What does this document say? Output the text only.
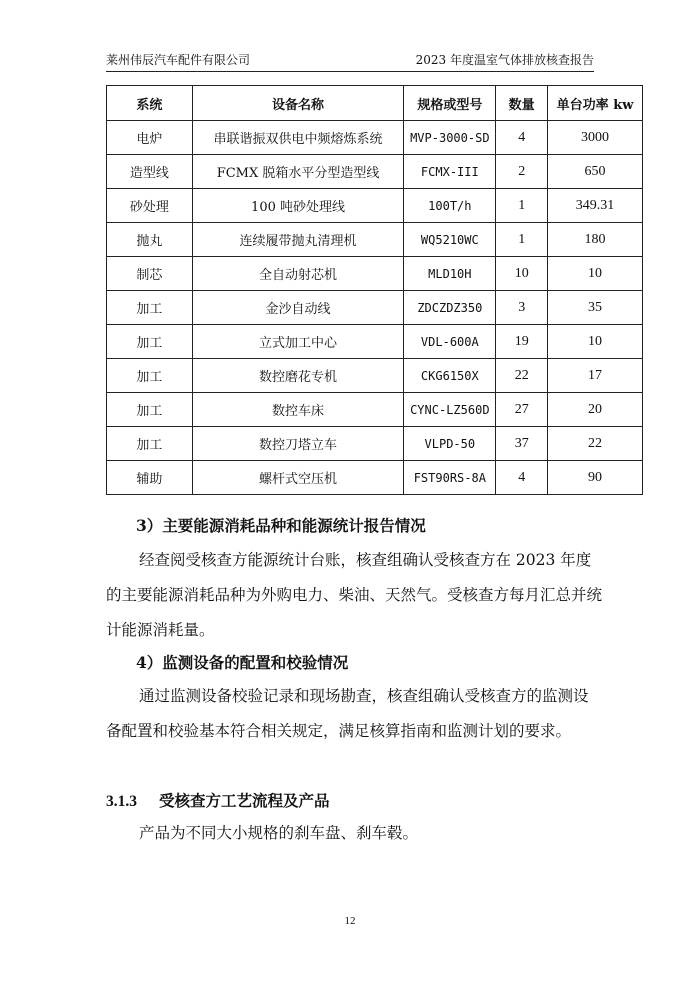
莱州伟辰汽车配件有限公司	2023 年度温室气体排放核查报告
系统	设备名称	规格或型号	数量	单台功率 kw
电炉	串联谐振双供电中频熔炼系统	MVP-3000-SD	4	3000
造型线	FCMX 脱箱水平分型造型线	FCMX-III	2	650
砂处理	100 吨砂处理线	100T/h	1	349.31
抛丸	连续履带抛丸清理机	WQ5210WC	1	180
制芯	全自动射芯机	MLD10H	10	10
加工	金沙自动线	ZDCZDZ350	3	35
加工	立式加工中心	VDL-600A	19	10
加工	数控磨花专机	CKG6150X	22	17
加工	数控车床	CYNC-LZ560D	27	20
加工	数控刀塔立车	VLPD-50	37	22
辅助	螺杆式空压机	FST90RS-8A	4	90

3）主要能源消耗品种和能源统计报告情况

经查阅受核查方能源统计台账，核查组确认受核查方在 2023 年度的主要能源消耗品种为外购电力、柴油、天然气。受核查方每月汇总并统计能源消耗量。

4）监测设备的配置和校验情况

通过监测设备校验记录和现场勘查，核查组确认受核查方的监测设备配置和校验基本符合相关规定，满足核算指南和监测计划的要求。

3.1.3 受核查方工艺流程及产品

产品为不同大小规格的刹车盘、刹车毂。

12
